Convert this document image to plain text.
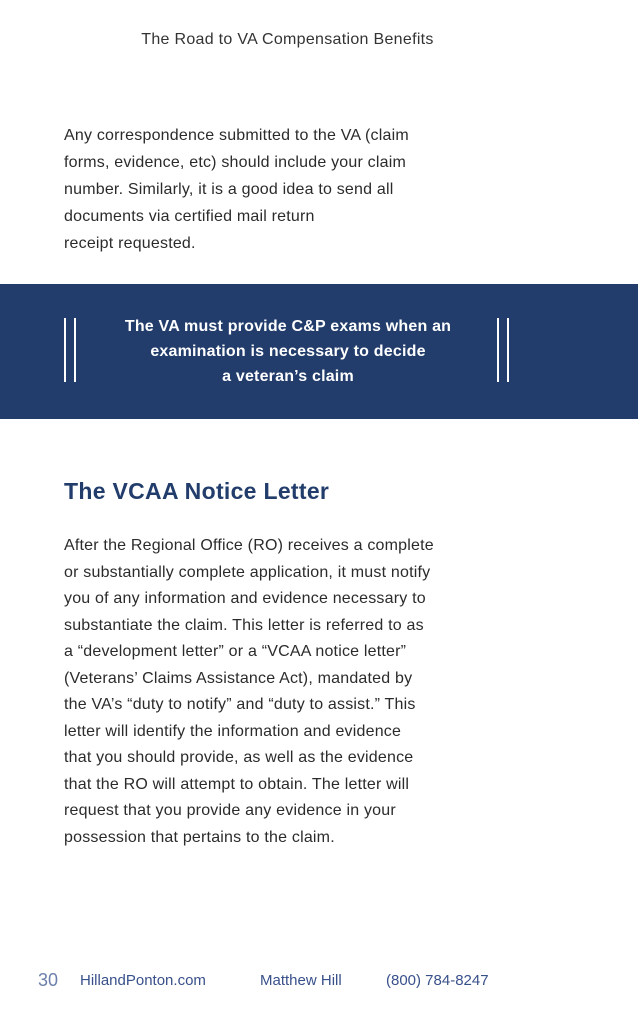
The Road to VA Compensation Benefits

Any correspondence submitted to the VA (claim
forms, evidence, etc) should include your claim
number. Similarly, it is a good idea to send all
documents via certified mail return
receipt requested.

The VA must provide C&P exams when an
examination is necessary to decide
a veteran’s claim

The VCAA Notice Letter

After the Regional Office (RO) receives a complete
or substantially complete application, it must notify
you of any information and evidence necessary to
substantiate the claim. This letter is referred to as
a “development letter” or a “VCAA notice letter”
(Veterans’ Claims Assistance Act), mandated by
the VA’s “duty to notify” and “duty to assist.” This
letter will identify the information and evidence
that you should provide, as well as the evidence
that the RO will attempt to obtain. The letter will
request that you provide any evidence in your
possession that pertains to the claim.

30 HillandPonton.com	Matthew Hill	(800) 784-8247
